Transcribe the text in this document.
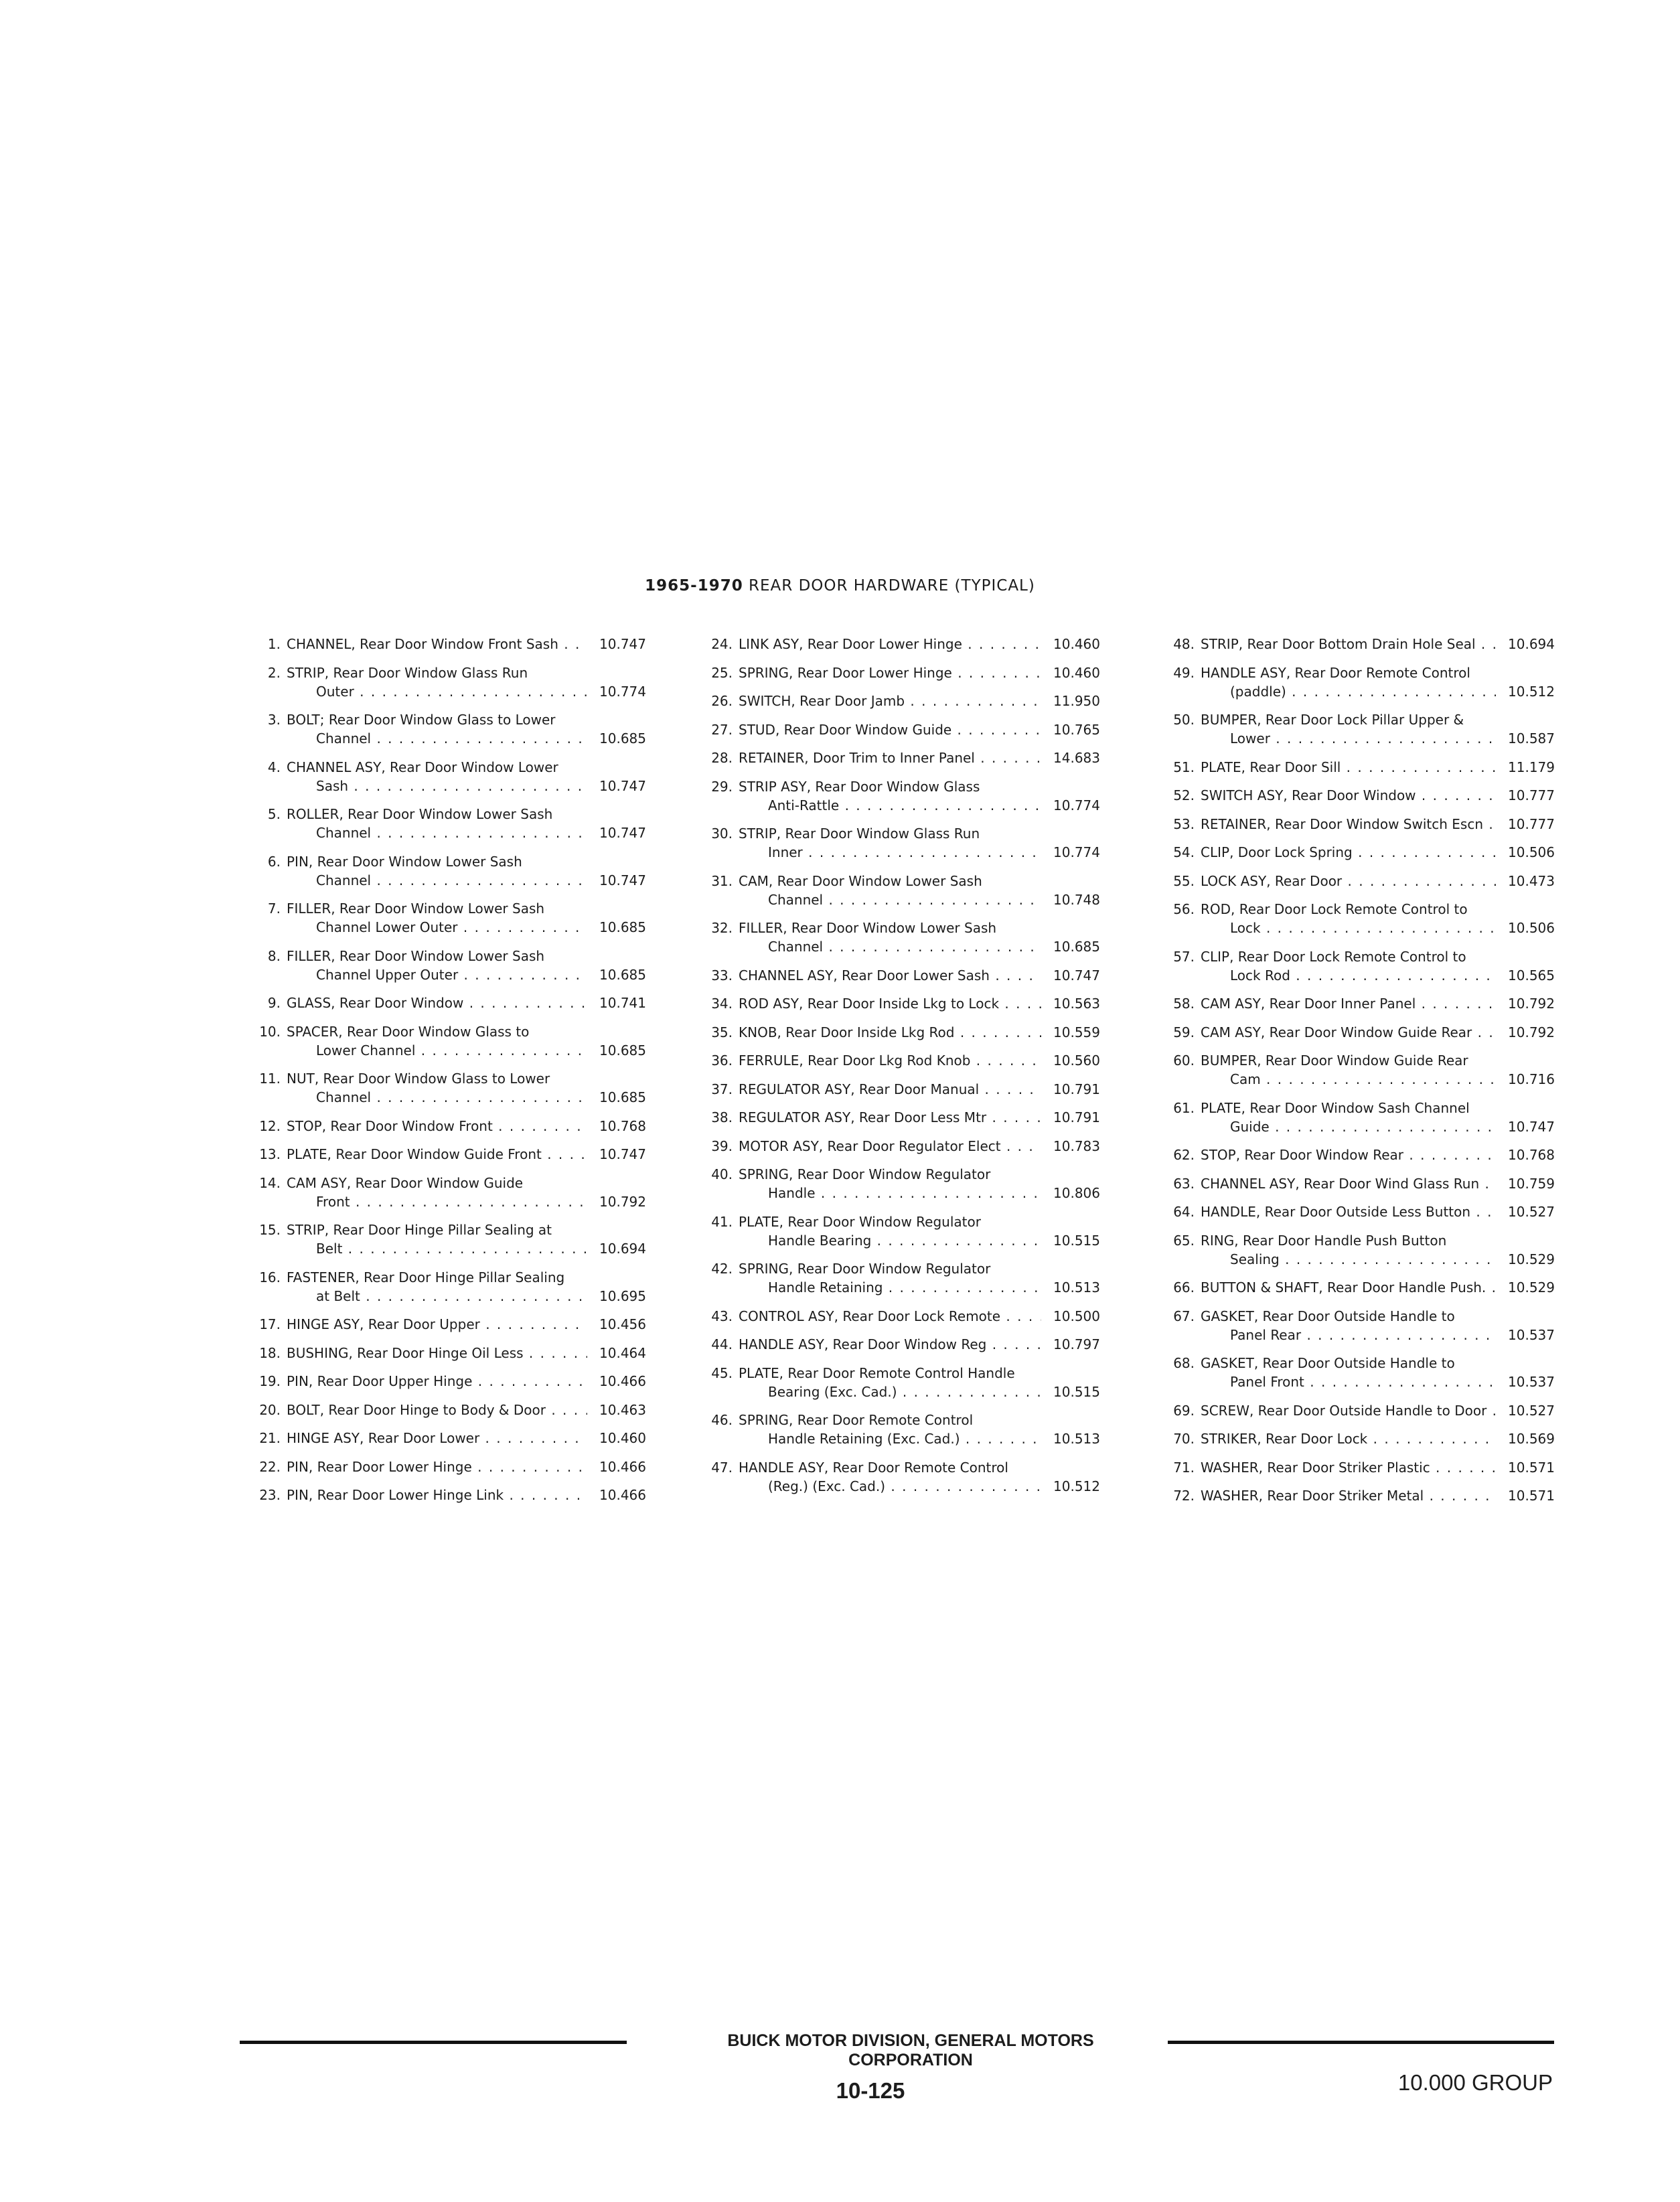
1965-1970 REAR DOOR HARDWARE (TYPICAL)
1. CHANNEL, Rear Door Window Front Sash . . .	10.747
2. STRIP, Rear Door Window Glass Run
Outer . . .	10.774
3. BOLT; Rear Door Window Glass to Lower
Channel . . .	10.685
4. CHANNEL ASY, Rear Door Window Lower
Sash . . .	10.747
5. ROLLER, Rear Door Window Lower Sash
Channel . . .	10.747
6. PIN, Rear Door Window Lower Sash
Channel . . .	10.747
7. FILLER, Rear Door Window Lower Sash
Channel Lower Outer . . .	10.685
8. FILLER, Rear Door Window Lower Sash
Channel Upper Outer . . .	10.685
9. GLASS, Rear Door Window . . .	10.741
10. SPACER, Rear Door Window Glass to
Lower Channel . . .	10.685
11. NUT, Rear Door Window Glass to Lower
Channel . . .	10.685
12. STOP, Rear Door Window Front . . .	10.768
13. PLATE, Rear Door Window Guide Front . . .	10.747
14. CAM ASY, Rear Door Window Guide
Front . . .	10.792
15. STRIP, Rear Door Hinge Pillar Sealing at
Belt . . .	10.694
16. FASTENER, Rear Door Hinge Pillar Sealing
at Belt . . .	10.695
17. HINGE ASY, Rear Door Upper . . .	10.456
18. BUSHING, Rear Door Hinge Oil Less . . .	10.464
19. PIN, Rear Door Upper Hinge . . .	10.466
20. BOLT, Rear Door Hinge to Body & Door . . .	10.463
21. HINGE ASY, Rear Door Lower . . .	10.460
22. PIN, Rear Door Lower Hinge . . .	10.466
23. PIN, Rear Door Lower Hinge Link . . .	10.466
24. LINK ASY, Rear Door Lower Hinge . . .	10.460
25. SPRING, Rear Door Lower Hinge . . .	10.460
26. SWITCH, Rear Door Jamb . . .	11.950
27. STUD, Rear Door Window Guide . . .	10.765
28. RETAINER, Door Trim to Inner Panel . . .	14.683
29. STRIP ASY, Rear Door Window Glass
Anti-Rattle . . .	10.774
30. STRIP, Rear Door Window Glass Run
Inner . . .	10.774
31. CAM, Rear Door Window Lower Sash
Channel . . .	10.748
32. FILLER, Rear Door Window Lower Sash
Channel . . .	10.685
33. CHANNEL ASY, Rear Door Lower Sash . . .	10.747
34. ROD ASY, Rear Door Inside Lkg to Lock . . .	10.563
35. KNOB, Rear Door Inside Lkg Rod . . .	10.559
36. FERRULE, Rear Door Lkg Rod Knob . . .	10.560
37. REGULATOR ASY, Rear Door Manual . . .	10.791
38. REGULATOR ASY, Rear Door Less Mtr . . .	10.791
39. MOTOR ASY, Rear Door Regulator Elect . . .	10.783
40. SPRING, Rear Door Window Regulator
Handle . . .	10.806
41. PLATE, Rear Door Window Regulator
Handle Bearing . . .	10.515
42. SPRING, Rear Door Window Regulator
Handle Retaining . . .	10.513
43. CONTROL ASY, Rear Door Lock Remote . . .	10.500
44. HANDLE ASY, Rear Door Window Reg . . .	10.797
45. PLATE, Rear Door Remote Control Handle
Bearing (Exc. Cad.) . . .	10.515
46. SPRING, Rear Door Remote Control
Handle Retaining (Exc. Cad.) . . .	10.513
47. HANDLE ASY, Rear Door Remote Control
(Reg.) (Exc. Cad.) . . .	10.512
48. STRIP, Rear Door Bottom Drain Hole Seal . . .	10.694
49. HANDLE ASY, Rear Door Remote Control
(paddle) . . .	10.512
50. BUMPER, Rear Door Lock Pillar Upper &
Lower . . .	10.587
51. PLATE, Rear Door Sill . . .	11.179
52. SWITCH ASY, Rear Door Window . . .	10.777
53. RETAINER, Rear Door Window Switch Escn . . .	10.777
54. CLIP, Door Lock Spring . . .	10.506
55. LOCK ASY, Rear Door . . .	10.473
56. ROD, Rear Door Lock Remote Control to
Lock . . .	10.506
57. CLIP, Rear Door Lock Remote Control to
Lock Rod . . .	10.565
58. CAM ASY, Rear Door Inner Panel . . .	10.792
59. CAM ASY, Rear Door Window Guide Rear . . .	10.792
60. BUMPER, Rear Door Window Guide Rear
Cam . . .	10.716
61. PLATE, Rear Door Window Sash Channel
Guide . . .	10.747
62. STOP, Rear Door Window Rear . . .	10.768
63. CHANNEL ASY, Rear Door Wind Glass Run . . .	10.759
64. HANDLE, Rear Door Outside Less Button . . .	10.527
65. RING, Rear Door Handle Push Button
Sealing . . .	10.529
66. BUTTON & SHAFT, Rear Door Handle Push. . . .	10.529
67. GASKET, Rear Door Outside Handle to
Panel Rear . . .	10.537
68. GASKET, Rear Door Outside Handle to
Panel Front . . .	10.537
69. SCREW, Rear Door Outside Handle to Door . . .	10.527
70. STRIKER, Rear Door Lock . . .	10.569
71. WASHER, Rear Door Striker Plastic . . .	10.571
72. WASHER, Rear Door Striker Metal . . .	10.571
BUICK MOTOR DIVISION, GENERAL MOTORS CORPORATION
10-125	10.000 GROUP
